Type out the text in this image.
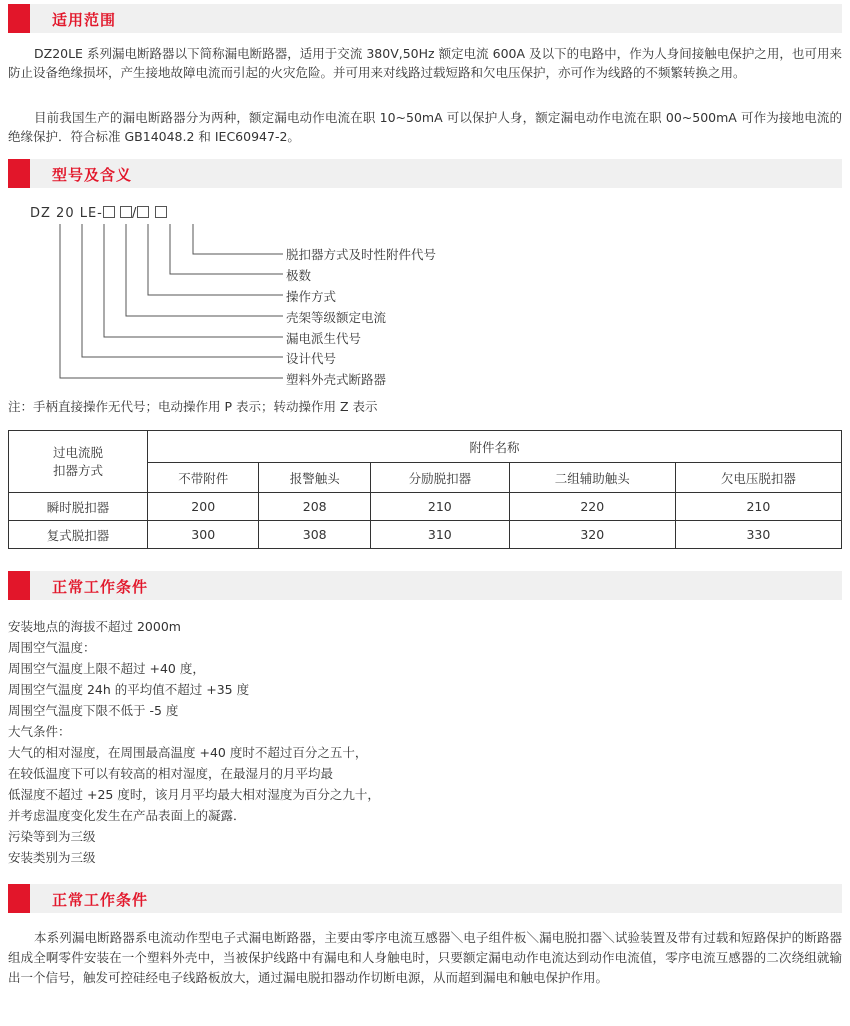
适用范围
DZ20LE 系列漏电断路器以下简称漏电断路器，适用于交流 380V,50Hz 额定电流 600A 及以下的电路中，作为人身间接触电保护之用，也可用来防止设备绝缘损坏，产生接地故障电流而引起的火灾危险。并可用来对线路过载短路和欠电压保护，亦可作为线路的不频繁转换之用。
目前我国生产的漏电断路器分为两种，额定漏电动作电流在职 10~50mA 可以保护人身，额定漏电动作电流在职 00~500mA 可作为接地电流的绝缘保护．符合标准 GB14048.2 和 IEC60947-2。
型号及含义
DZ 20 LE- /
脱扣器方式及时性附件代号
极数
操作方式
壳架等级额定电流
漏电派生代号
设计代号
塑料外壳式断路器
注：手柄直接操作无代号；电动操作用 P 表示；转动操作用 Z 表示
过电流脱
扣器方式	附件名称				
	不带附件	报警触头	分励脱扣器	二组辅助触头	欠电压脱扣器
瞬时脱扣器	200	208	210	220	210
复式脱扣器	300	308	310	320	330
正常工作条件
安装地点的海拔不超过 2000m
周围空气温度：
周围空气温度上限不超过 +40 度，
周围空气温度 24h 的平均值不超过 +35 度
周围空气温度下限不低于 -5 度
大气条件：
大气的相对湿度，在周围最高温度 +40 度时不超过百分之五十，
在较低温度下可以有较高的相对湿度，在最湿月的月平均最
低湿度不超过 +25 度时，该月月平均最大相对湿度为百分之九十，
并考虑温度变化发生在产品表面上的凝露．
污染等到为三级
安装类别为三级
正常工作条件
本系列漏电断路器系电流动作型电子式漏电断路器，主要由零序电流互感器＼电子组件板＼漏电脱扣器＼试验装置及带有过载和短路保护的断路器组成全啊零件安装在一个塑料外壳中，当被保护线路中有漏电和人身触电时，只要额定漏电动作电流达到动作电流值，零序电流互感器的二次绕组就输出一个信号，触发可控硅经电子线路板放大，通过漏电脱扣器动作切断电源，从而超到漏电和触电保护作用。
